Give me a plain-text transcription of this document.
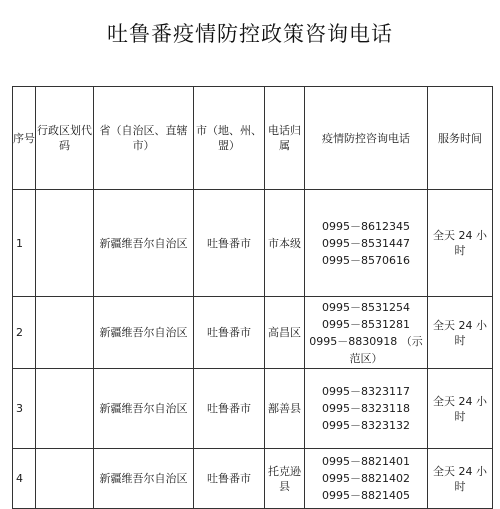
吐鲁番疫情防控政策咨询电话
序号	行政区划代码	省（自治区、直辖市）	市（地、州、盟）	电话归属	疫情防控咨询电话	服务时间
1		新疆维吾尔自治区	吐鲁番市	市本级	0995－8612345
0995－8531447
0995－8570616	全天 24 小时
2		新疆维吾尔自治区	吐鲁番市	高昌区	0995－8531254
0995－8531281
0995－8830918 （示范区）	全天 24 小时
3		新疆维吾尔自治区	吐鲁番市	鄯善县	0995－8323117
0995－8323118
0995－8323132	全天 24 小时
4		新疆维吾尔自治区	吐鲁番市	托克逊县	0995－8821401
0995－8821402
0995－8821405	全天 24 小时
